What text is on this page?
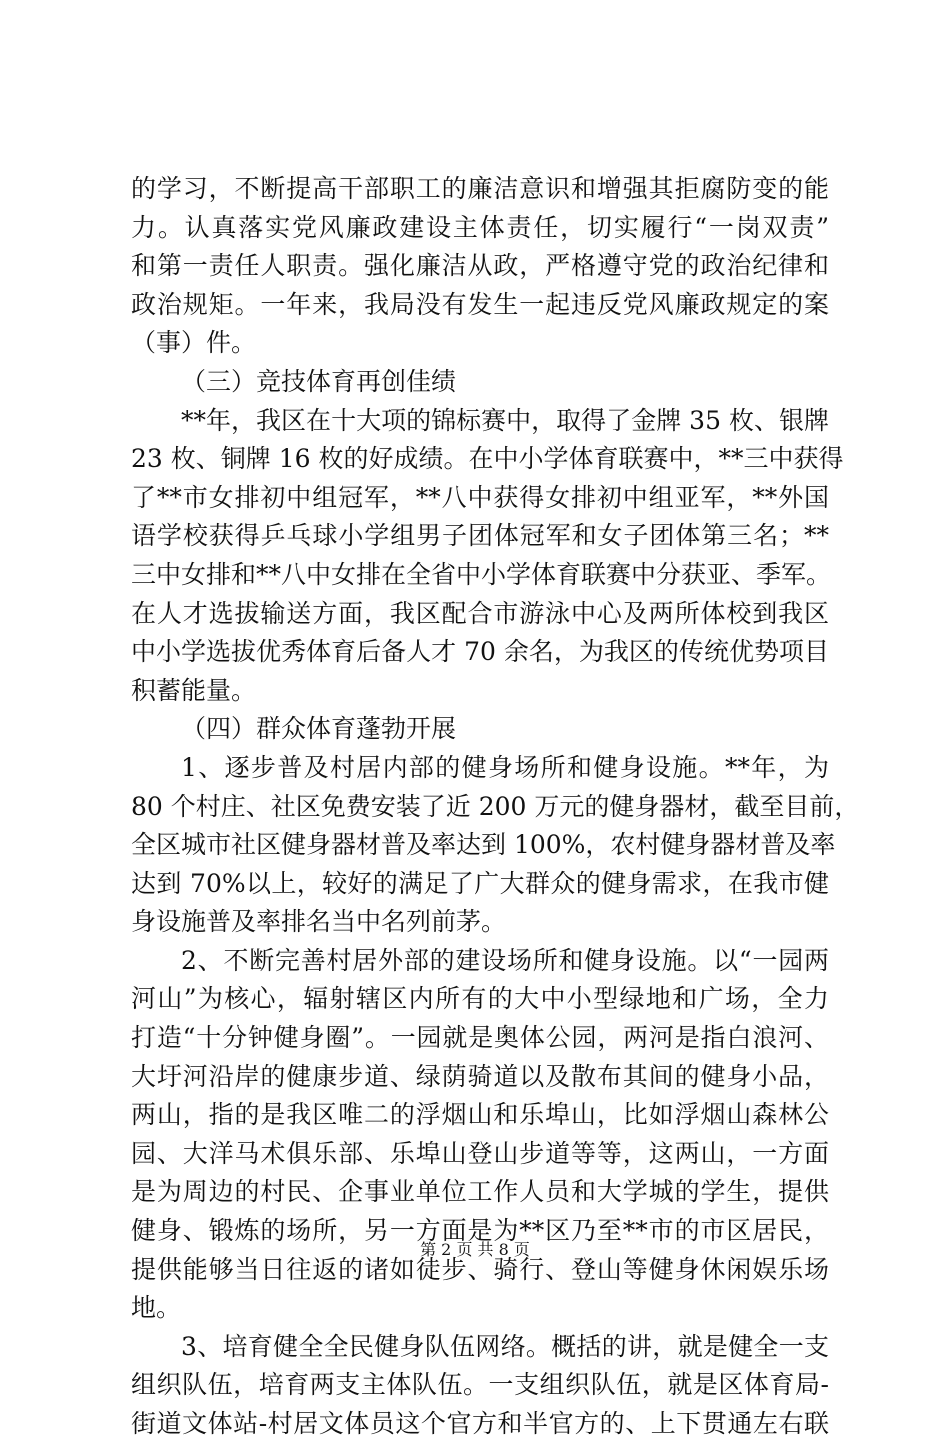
的学习，不断提高干部职工的廉洁意识和增强其拒腐防变的能
力。认真落实党风廉政建设主体责任，切实履行“一岗双责”
和第一责任人职责。强化廉洁从政，严格遵守党的政治纪律和
政治规矩。一年来，我局没有发生一起违反党风廉政规定的案
（事）件。
（三）竞技体育再创佳绩
**年，我区在十大项的锦标赛中，取得了金牌 35 枚、银牌
23 枚、铜牌 16 枚的好成绩。在中小学体育联赛中，**三中获得
了**市女排初中组冠军，**八中获得女排初中组亚军，**外国
语学校获得乒乓球小学组男子团体冠军和女子团体第三名；**
三中女排和**八中女排在全省中小学体育联赛中分获亚、季军。
在人才选拔输送方面，我区配合市游泳中心及两所体校到我区
中小学选拔优秀体育后备人才 70 余名，为我区的传统优势项目
积蓄能量。
（四）群众体育蓬勃开展
1、逐步普及村居内部的健身场所和健身设施。**年，为
80 个村庄、社区免费安装了近 200 万元的健身器材，截至目前，
全区城市社区健身器材普及率达到 100%，农村健身器材普及率
达到 70%以上，较好的满足了广大群众的健身需求，在我市健
身设施普及率排名当中名列前茅。
2、不断完善村居外部的建设场所和健身设施。以“一园两
河山”为核心，辐射辖区内所有的大中小型绿地和广场，全力
打造“十分钟健身圈”。一园就是奥体公园，两河是指白浪河、
大圩河沿岸的健康步道、绿荫骑道以及散布其间的健身小品，
两山，指的是我区唯二的浮烟山和乐埠山，比如浮烟山森林公
园、大洋马术俱乐部、乐埠山登山步道等等，这两山，一方面
是为周边的村民、企事业单位工作人员和大学城的学生，提供
健身、锻炼的场所，另一方面是为**区乃至**市的市区居民，
提供能够当日往返的诸如徒步、骑行、登山等健身休闲娱乐场
地。
3、培育健全全民健身队伍网络。概括的讲，就是健全一支
组织队伍，培育两支主体队伍。一支组织队伍，就是区体育局-
街道文体站-村居文体员这个官方和半官方的、上下贯通左右联
第 2 页 共 8 页
